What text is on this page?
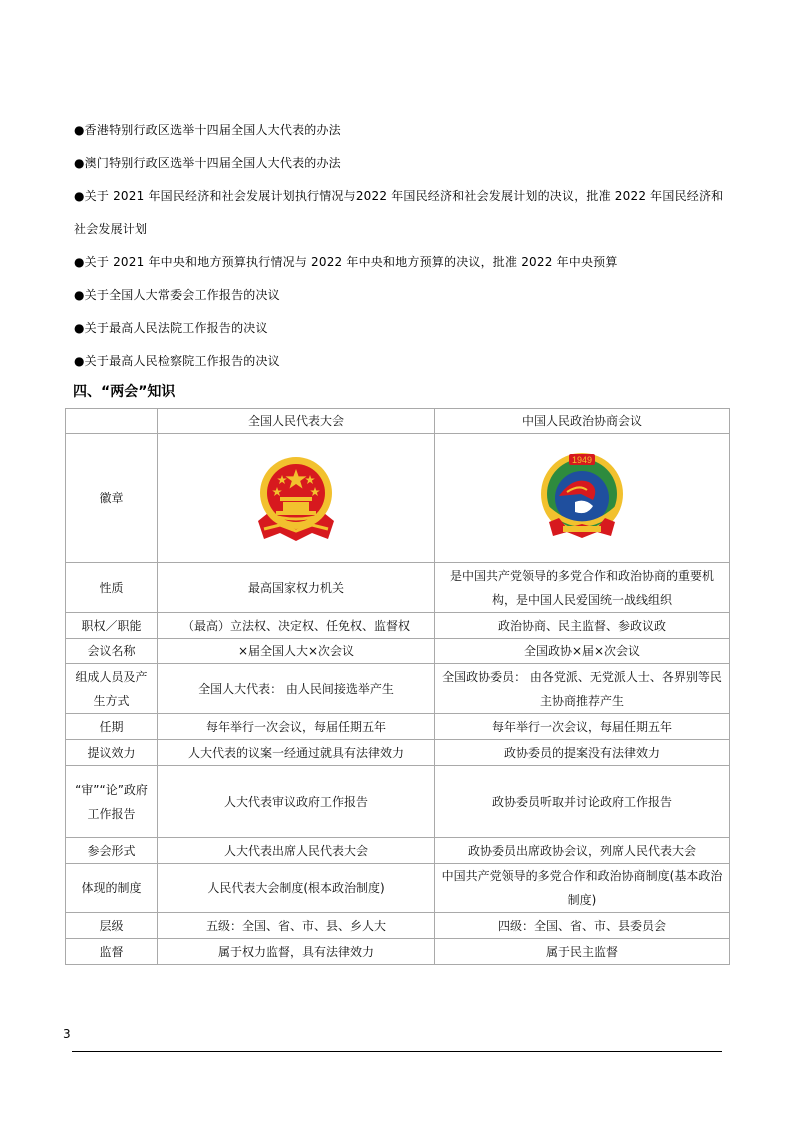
●香港特别行政区选举十四届全国人大代表的办法
●澳门特别行政区选举十四届全国人大代表的办法
●关于 2021 年国民经济和社会发展计划执行情况与2022 年国民经济和社会发展计划的决议，批准 2022 年国民经济和社会发展计划
●关于 2021 年中央和地方预算执行情况与 2022 年中央和地方预算的决议，批准 2022 年中央预算
●关于全国人大常委会工作报告的决议
●关于最高人民法院工作报告的决议
●关于最高人民检察院工作报告的决议
四、“两会”知识
	全国人民代表大会	中国人民政治协商会议
徽章		1949

性质	最高国家权力机关	是中国共产党领导的多党合作和政治协商的重要机构，是中国人民爱国统一战线组织
职权／职能	（最高）立法权、决定权、任免权、监督权	政治协商、民主监督、参政议政
会议名称	×届全国人大×次会议	全国政协×届×次会议
组成人员及产生方式	全国人大代表： 由人民间接选举产生	全国政协委员： 由各党派、无党派人士、各界别等民主协商推荐产生
任期	每年举行一次会议，每届任期五年	每年举行一次会议，每届任期五年
提议效力	人大代表的议案一经通过就具有法律效力	政协委员的提案没有法律效力
“审”“论”政府工作报告	人大代表审议政府工作报告	政协委员听取并讨论政府工作报告
参会形式	人大代表出席人民代表大会	政协委员出席政协会议，列席人民代表大会
体现的制度	人民代表大会制度(根本政治制度)	中国共产党领导的多党合作和政治协商制度(基本政治制度)
层级	五级：全国、省、市、县、乡人大	四级：全国、省、市、县委员会
监督	属于权力监督，具有法律效力	属于民主监督
3
